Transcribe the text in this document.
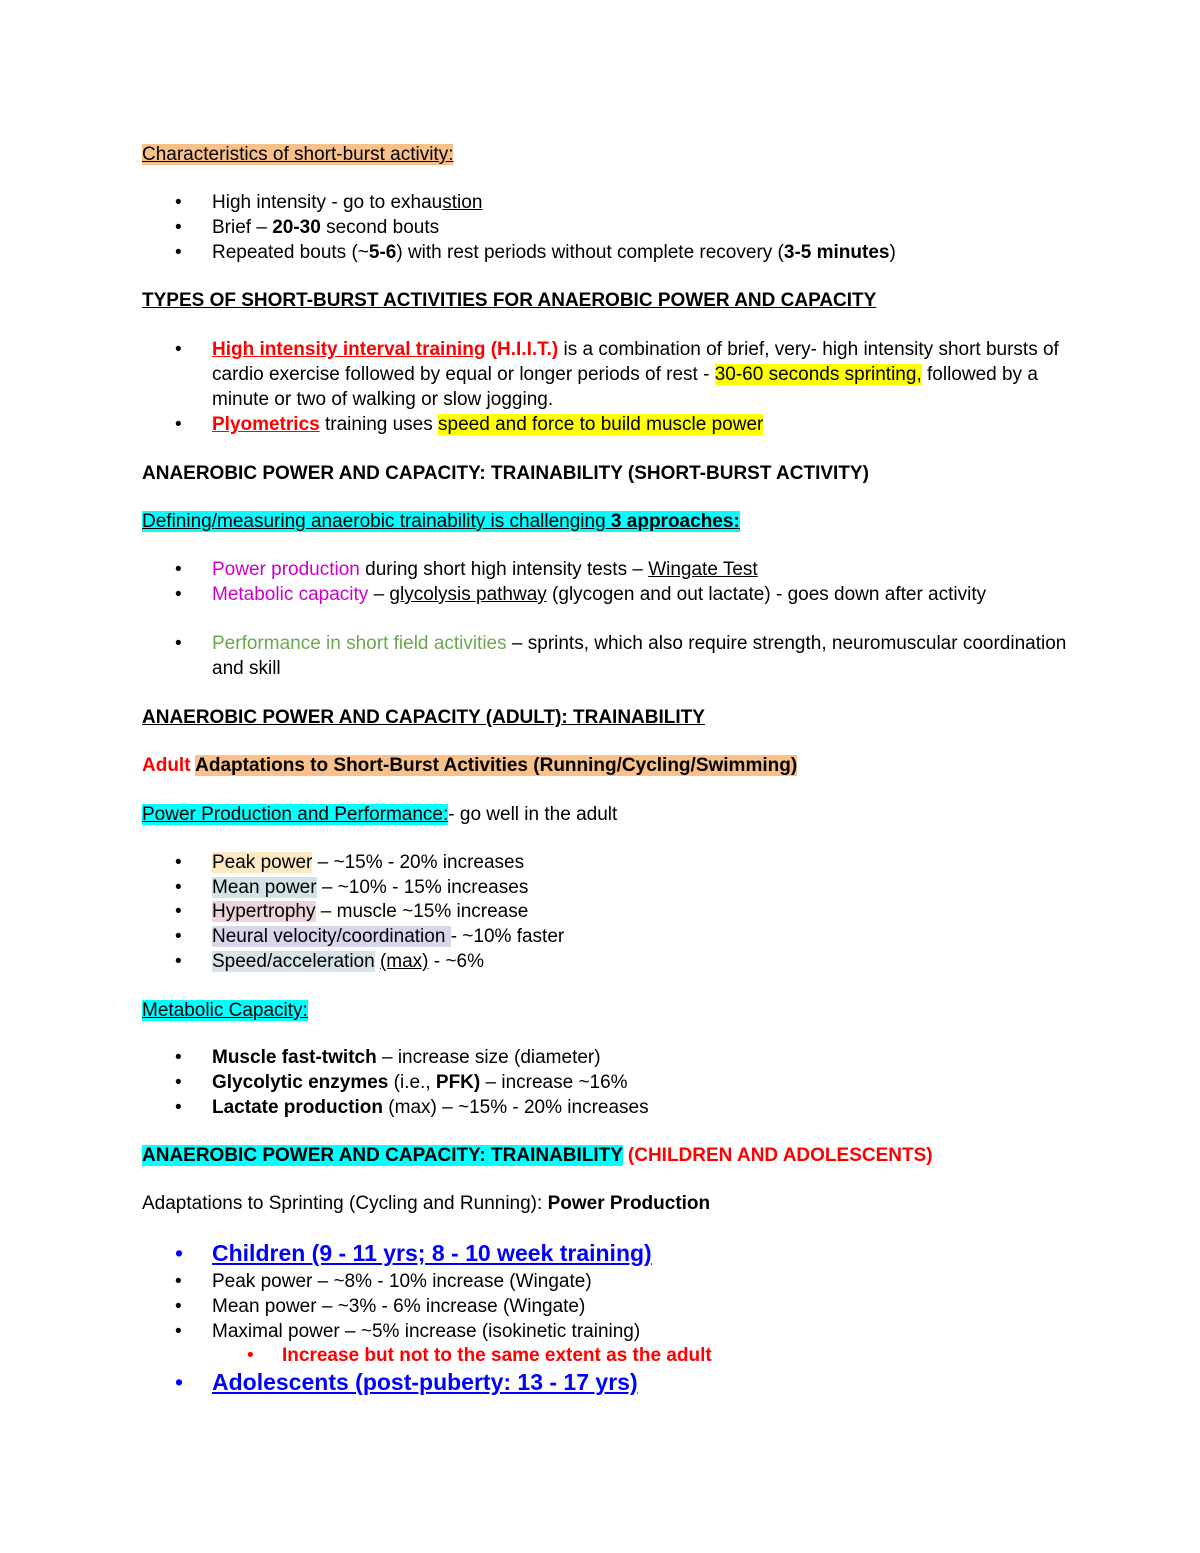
Characteristics of short-burst activity:
• High intensity - go to exhaustion
• Brief – 20-30 second bouts
• Repeated bouts (~5-6) with rest periods without complete recovery (3-5 minutes)
TYPES OF SHORT-BURST ACTIVITIES FOR ANAEROBIC POWER AND CAPACITY
• High intensity interval training (H.I.I.T.) is a combination of brief, very- high intensity short bursts of cardio exercise followed by equal or longer periods of rest - 30-60 seconds sprinting, followed by a minute or two of walking or slow jogging.
• Plyometrics training uses speed and force to build muscle power
ANAEROBIC POWER AND CAPACITY: TRAINABILITY (SHORT-BURST ACTIVITY)
Defining/measuring anaerobic trainability is challenging 3 approaches:
• Power production during short high intensity tests – Wingate Test
• Metabolic capacity – glycolysis pathway (glycogen and out lactate) - goes down after activity
• Performance in short field activities – sprints, which also require strength, neuromuscular coordination and skill
ANAEROBIC POWER AND CAPACITY (ADULT): TRAINABILITY
Adult Adaptations to Short-Burst Activities (Running/Cycling/Swimming)
Power Production and Performance:- go well in the adult
• Peak power – ~15% - 20% increases
• Mean power – ~10% - 15% increases
• Hypertrophy – muscle ~15% increase
• Neural velocity/coordination - ~10% faster
• Speed/acceleration (max) - ~6%
Metabolic Capacity:
• Muscle fast-twitch – increase size (diameter)
• Glycolytic enzymes (i.e., PFK) – increase ~16%
• Lactate production (max) – ~15% - 20% increases
ANAEROBIC POWER AND CAPACITY: TRAINABILITY (CHILDREN AND ADOLESCENTS)
Adaptations to Sprinting (Cycling and Running): Power Production
• Children (9 - 11 yrs; 8 - 10 week training)
• Peak power – ~8% - 10% increase (Wingate)
• Mean power – ~3% - 6% increase (Wingate)
• Maximal power – ~5% increase (isokinetic training)
• Increase but not to the same extent as the adult
• Adolescents (post-puberty: 13 - 17 yrs)
